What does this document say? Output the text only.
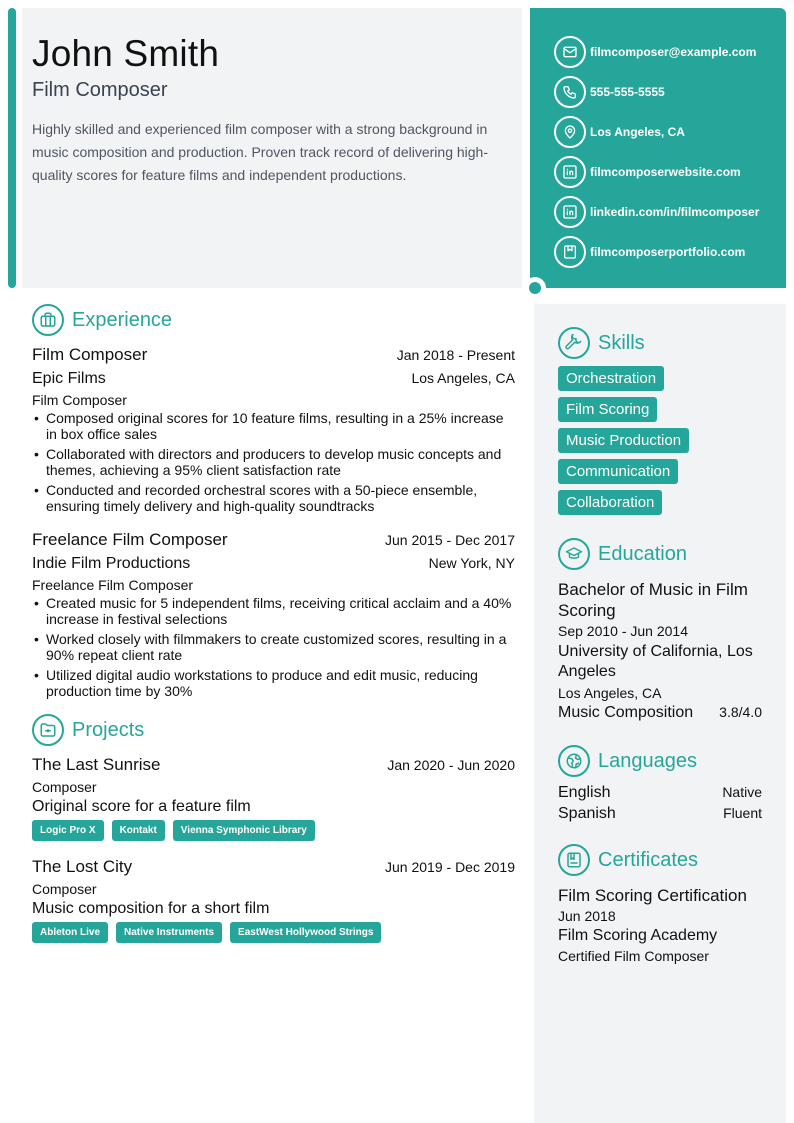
John Smith
Film Composer

Highly skilled and experienced film composer with a strong background in music composition and production. Proven track record of delivering high-quality scores for feature films and independent productions.

filmcomposer@example.com
555-555-5555
Los Angeles, CA
filmcomposerwebsite.com
linkedin.com/in/filmcomposer
filmcomposerportfolio.com
Experience
Film Composer	Jan 2018 - Present
Epic Films	Los Angeles, CA
Film Composer
• Composed original scores for 10 feature films, resulting in a 25% increase in box office sales
• Collaborated with directors and producers to develop music concepts and themes, achieving a 95% client satisfaction rate
• Conducted and recorded orchestral scores with a 50-piece ensemble, ensuring timely delivery and high-quality soundtracks
Freelance Film Composer	Jun 2015 - Dec 2017
Indie Film Productions	New York, NY
Freelance Film Composer
• Created music for 5 independent films, receiving critical acclaim and a 40% increase in festival selections
• Worked closely with filmmakers to create customized scores, resulting in a 90% repeat client rate
• Utilized digital audio workstations to produce and edit music, reducing production time by 30%
Projects
The Last Sunrise	Jan 2020 - Jun 2020
Composer
Original score for a feature film
Logic Pro X	Kontakt	Vienna Symphonic Library
The Lost City	Jun 2019 - Dec 2019
Composer
Music composition for a short film
Ableton Live	Native Instruments	EastWest Hollywood Strings
Skills
Orchestration
Film Scoring
Music Production
Communication
Collaboration
Education
Bachelor of Music in Film Scoring
Sep 2010 - Jun 2014
University of California, Los Angeles
Los Angeles, CA
Music Composition 3.8/4.0
Languages
English	Native
Spanish	Fluent
Certificates
Film Scoring Certification
Jun 2018
Film Scoring Academy
Certified Film Composer
